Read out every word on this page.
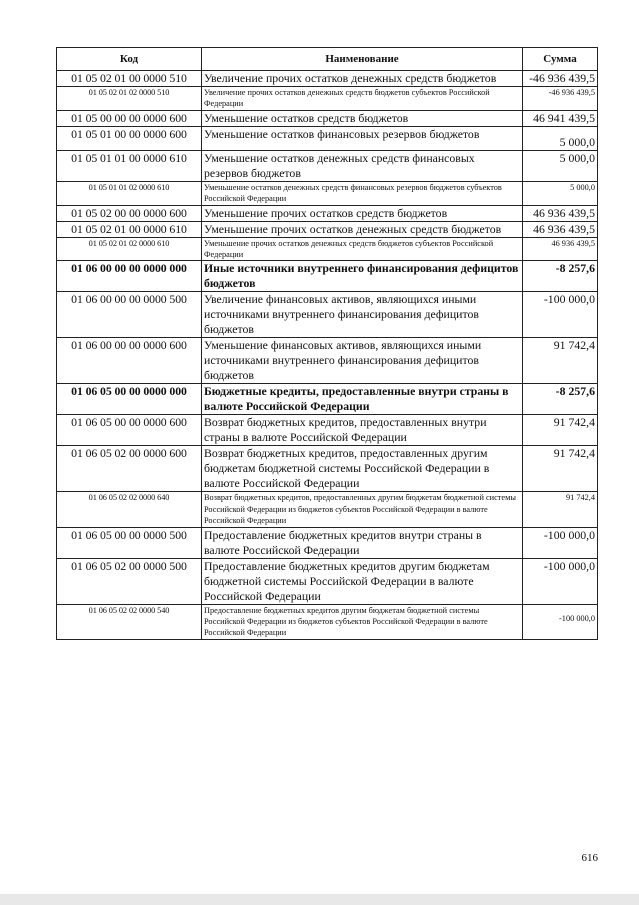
Код	Наименование	Сумма
01 05 02 01 00 0000 510	Увеличение прочих остатков денежных средств бюджетов	-46 936 439,5
01 05 02 01 02 0000 510	Увеличение прочих остатков денежных средств бюджетов субъектов Российской Федерации	-46 936 439,5
01 05 00 00 00 0000 600	Уменьшение остатков средств бюджетов	46 941 439,5
01 05 01 00 00 0000 600	Уменьшение остатков финансовых резервов бюджетов	5 000,0
01 05 01 01 00 0000 610	Уменьшение остатков денежных средств финансовых резервов бюджетов	5 000,0
01 05 01 01 02 0000 610	Уменьшение остатков денежных средств финансовых резервов бюджетов субъектов Российской Федерации	5 000,0
01 05 02 00 00 0000 600	Уменьшение прочих остатков средств бюджетов	46 936 439,5
01 05 02 01 00 0000 610	Уменьшение прочих остатков денежных средств бюджетов	46 936 439,5
01 05 02 01 02 0000 610	Уменьшение прочих остатков денежных средств бюджетов субъектов Российской Федерации	46 936 439,5
01 06 00 00 00 0000 000	Иные источники внутреннего финансирования дефицитов бюджетов	-8 257,6
01 06 00 00 00 0000 500	Увеличение финансовых активов, являющихся иными источниками внутреннего финансирования дефицитов бюджетов	-100 000,0
01 06 00 00 00 0000 600	Уменьшение финансовых активов, являющихся иными источниками внутреннего финансирования дефицитов бюджетов	91 742,4
01 06 05 00 00 0000 000	Бюджетные кредиты, предоставленные внутри страны в валюте Российской Федерации	-8 257,6
01 06 05 00 00 0000 600	Возврат бюджетных кредитов, предоставленных внутри страны в валюте Российской Федерации	91 742,4
01 06 05 02 00 0000 600	Возврат бюджетных кредитов, предоставленных другим бюджетам бюджетной системы Российской Федерации в валюте Российской Федерации	91 742,4
01 06 05 02 02 0000 640	Возврат бюджетных кредитов, предоставленных другим бюджетам бюджетной системы Российской Федерации из бюджетов субъектов Российской Федерации в валюте Российской Федерации	91 742,4
01 06 05 00 00 0000 500	Предоставление бюджетных кредитов внутри страны в валюте Российской Федерации	-100 000,0
01 06 05 02 00 0000 500	Предоставление бюджетных кредитов другим бюджетам бюджетной системы Российской Федерации в валюте Российской Федерации	-100 000,0
01 06 05 02 02 0000 540	Предоставление бюджетных кредитов другим бюджетам бюджетной системы Российской Федерации из бюджетов субъектов Российской Федерации в валюте Российской Федерации	-100 000,0
616
